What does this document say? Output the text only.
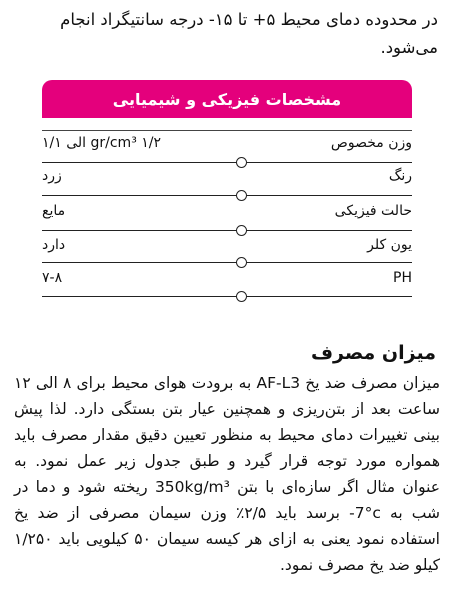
در محدوده دمای محیط ۵+ تا ۱۵- درجه سانتیگراد انجام می‌شود.
مشخصات فیزیکی و شیمیایی
وزن مخصوص
۱/۲ gr/cm³ الی ۱/۱
رنگ
زرد
حالت فیزیکی
مایع
یون کلر
دارد
PH
۷-۸
میزان مصرف
میزان مصرف ضد یخ AF-L3 به برودت هوای محیط برای ۸ الی ۱۲ ساعت بعد از بتن‌ریزی و همچنین عیار بتن بستگی دارد. لذا پیش بینی تغییرات دمای محیط به منظور تعیین دقیق مقدار مصرف باید همواره مورد توجه قرار گیرد و طبق جدول زیر عمل نمود. به عنوان مثال اگر سازه‌ای با بتن 350kg/m³ ریخته شود و دما در شب به ‎-7°c‎ برسد باید ۲/۵٪ وزن سیمان مصرفی از ضد یخ استفاده نمود یعنی به ازای هر کیسه سیمان ۵۰ کیلویی باید ۱/۲۵۰ کیلو ضد یخ مصرف نمود.
